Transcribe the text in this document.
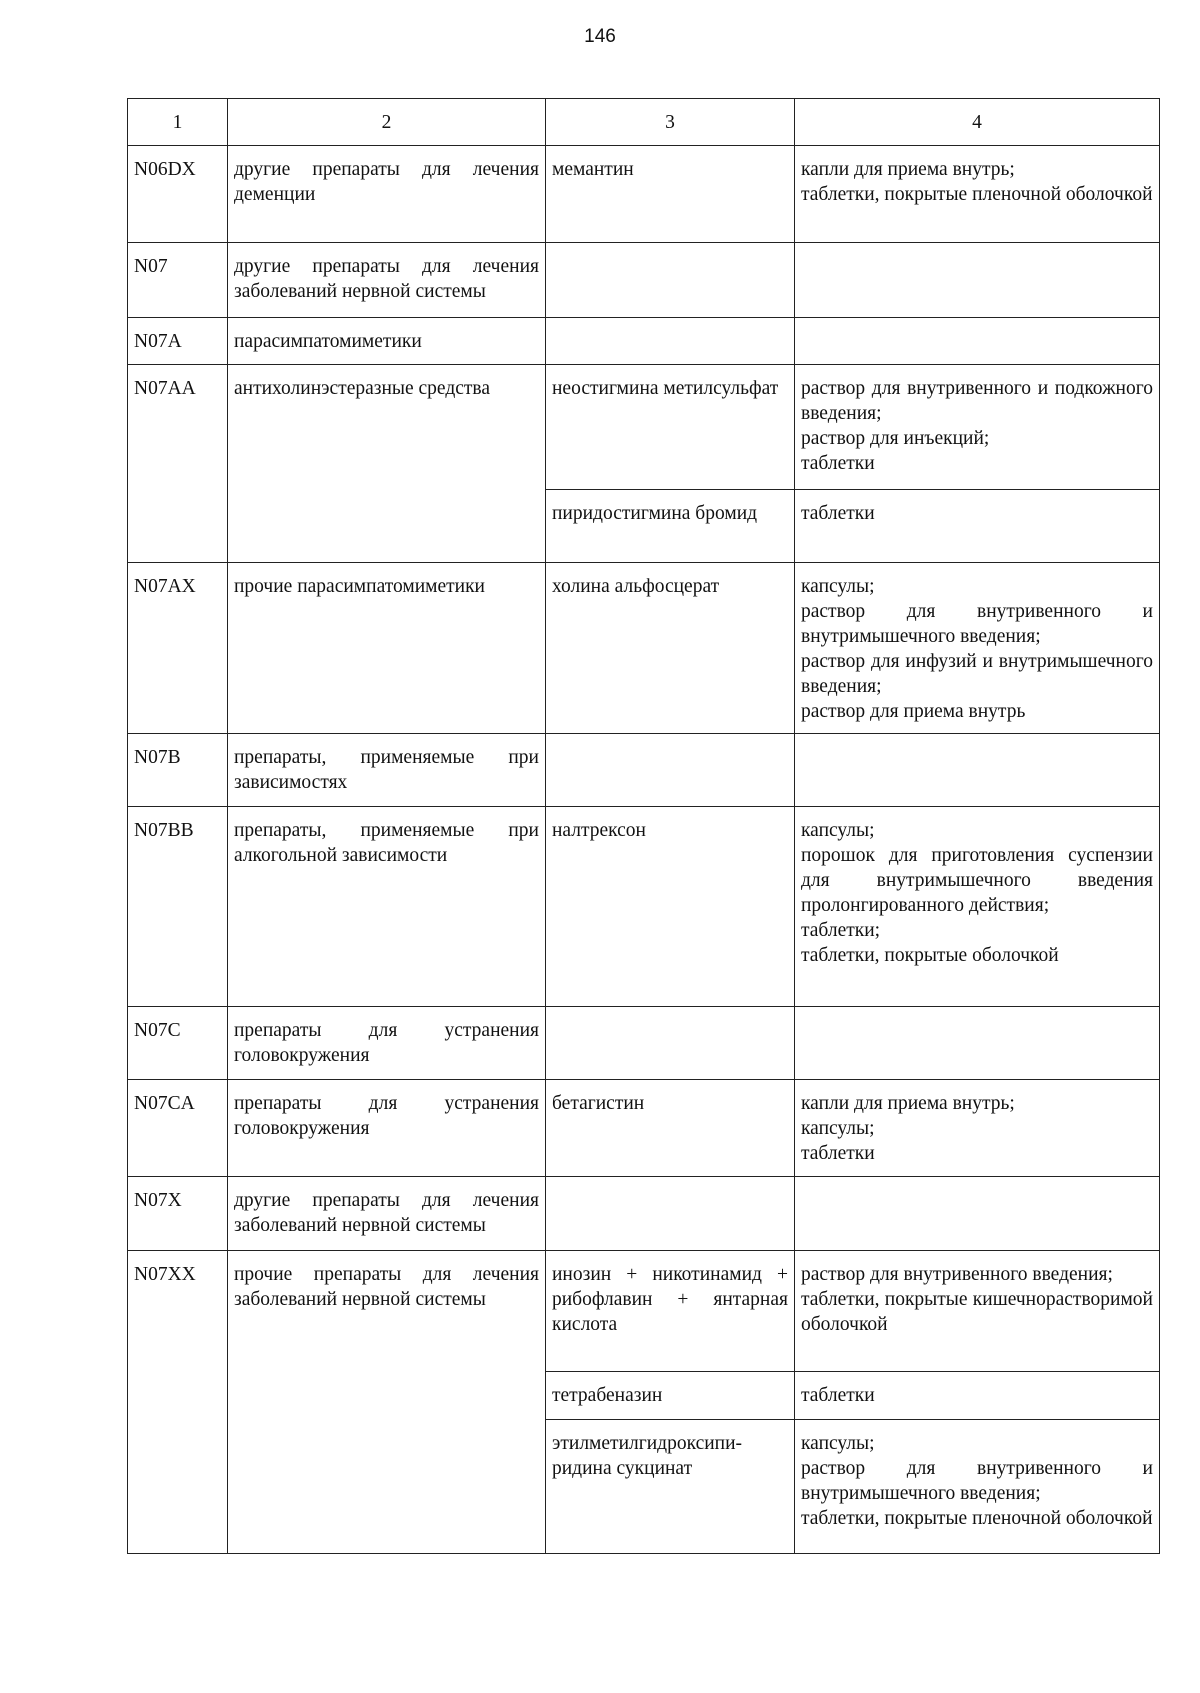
146
1	2	3	4
N06DX	другие препараты для лечения деменции	мемантин	капли для приема внутрь;
таблетки, покрытые пленочной оболочкой

N07	другие препараты для лечения заболеваний нервной системы		
N07A	парасимпатомиметики		
N07AA	антихолинэстеразные средства	неостигмина метилсульфат	раствор для внутривенного и подкожного введения;
раствор для инъекций;
таблетки

		пиридостигмина бромид	таблетки

N07AX	прочие парасимпатомиметики	холина альфосцерат	капсулы;
раствор для внутривенного и внутримышечного введения;
раствор для инфузий и внутримышечного введения;
раствор для приема внутрь

N07B	препараты, применяемые при зависимостях		
N07BB	препараты, применяемые при алкогольной зависимости	налтрексон	капсулы;
порошок для приготовления суспензии для внутримышечного введения пролонгированного действия;
таблетки;
таблетки, покрытые оболочкой

N07C	препараты для устранения головокружения		
N07CA	препараты для устранения головокружения	бетагистин	капли для приема внутрь;
капсулы;
таблетки

N07X	другие препараты для лечения заболеваний нервной системы		
N07XX	прочие препараты для лечения заболеваний нервной системы	инозин + никотинамид + рибофлавин + янтарная кислота	раствор для внутривенного введения;
таблетки, покрытые кишечнорастворимой оболочкой

		тетрабеназин	таблетки

		этилметилгидроксипи-ридина сукцинат	капсулы;
раствор для внутривенного и внутримышечного введения;
таблетки, покрытые пленочной оболочкой
